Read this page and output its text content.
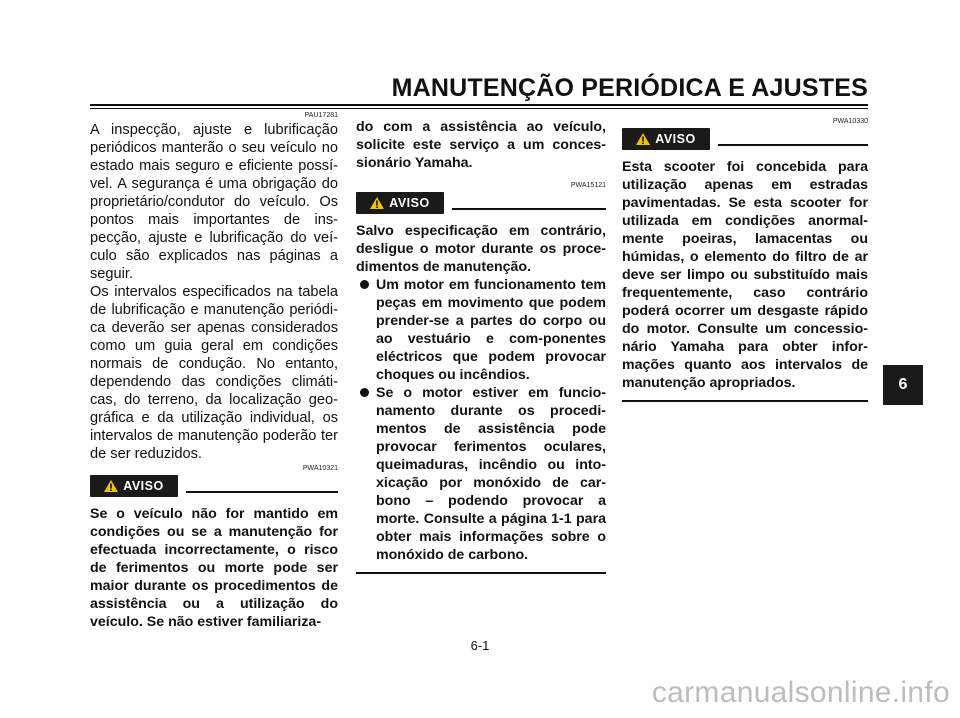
MANUTENÇÃO PERIÓDICA E AJUSTES
PAU17281

A inspecção, ajuste e lubrificação periódicos manterão o seu veículo no estado mais seguro e eficiente possí-vel. A segurança é uma obrigação do proprietário/condutor do veículo. Os pontos mais importantes de ins-pecção, ajuste e lubrificação do veí-culo são explicados nas páginas a seguir.

Os intervalos especificados na tabela de lubrificação e manutenção periódi-ca deverão ser apenas considerados como um guia geral em condições normais de condução. No entanto, dependendo das condições climáti-cas, do terreno, da localização geo-gráfica e da utilização individual, os intervalos de manutenção poderão ter de ser reduzidos.

PWA10321
AVISO

Se o veículo não for mantido em condições ou se a manutenção for efectuada incorrectamente, o risco de ferimentos ou morte pode ser maior durante os procedimentos de assistência ou a utilização do veículo. Se não estiver familiariza-

do com a assistência ao veículo, solicite este serviço a um conces-sionário Yamaha.

PWA15121
AVISO

Salvo especificação em contrário, desligue o motor durante os proce-dimentos de manutenção.

Um motor em funcionamento tem peças em movimento que podem prender-se a partes do corpo ou ao vestuário e com-ponentes eléctricos que podem provocar choques ou incêndios.
Se o motor estiver em funcio-namento durante os procedi-mentos de assistência pode provocar ferimentos oculares, queimaduras, incêndio ou into-xicação por monóxido de car-bono – podendo provocar a morte. Consulte a página 1-1 para obter mais informações sobre o monóxido de carbono.
PWA10330
AVISO

Esta scooter foi concebida para utilização apenas em estradas pavimentadas. Se esta scooter for utilizada em condições anormal-mente poeiras, lamacentas ou húmidas, o elemento do filtro de ar deve ser limpo ou substituído mais frequentemente, caso contrário poderá ocorrer um desgaste rápido do motor. Consulte um concessio-nário Yamaha para obter infor-mações quanto aos intervalos de manutenção apropriados.	6
6-1
carmanualsonline.info
